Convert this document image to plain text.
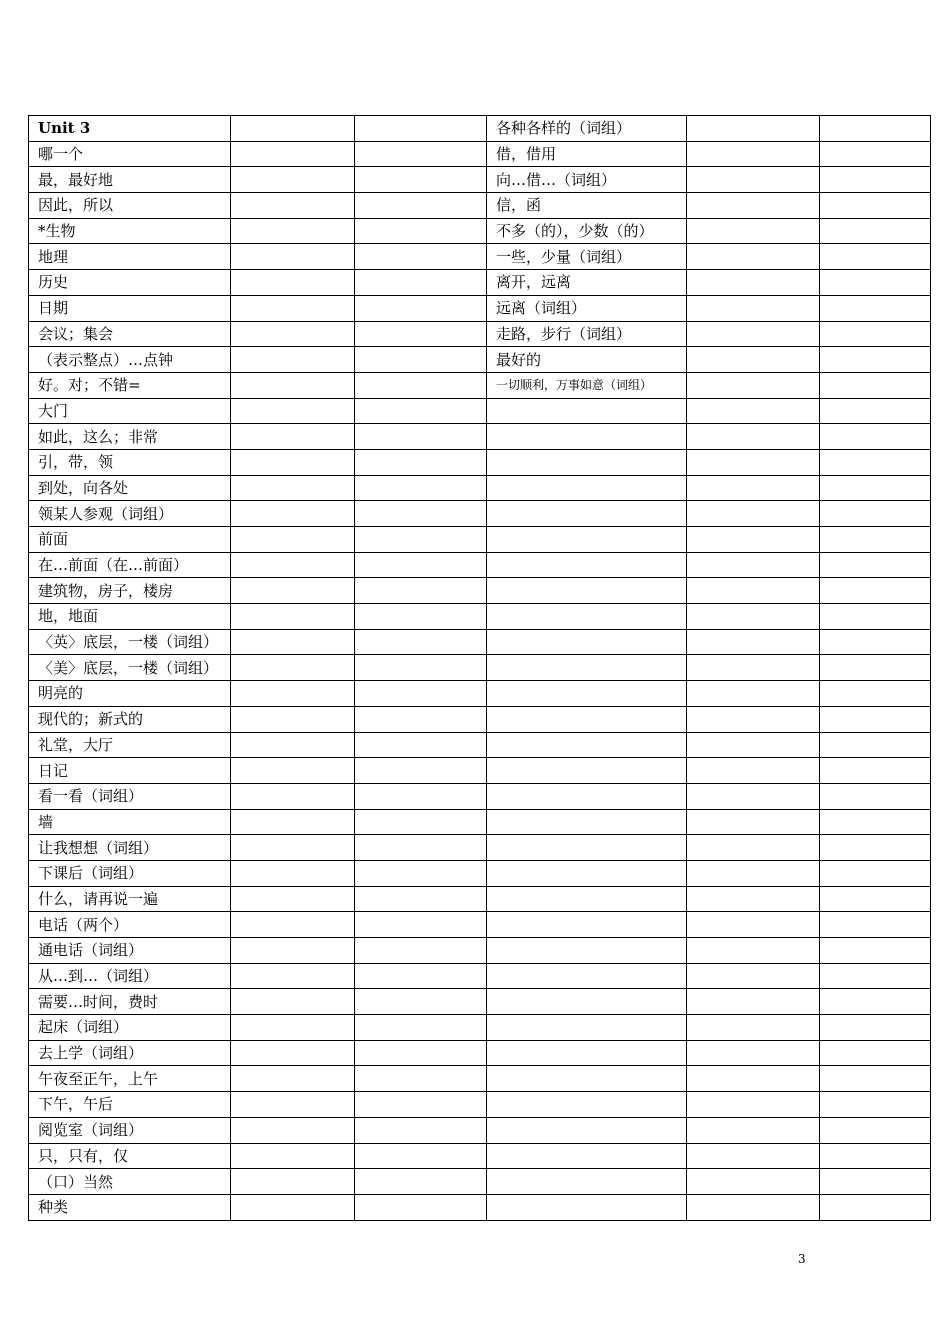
Unit 3			各种各样的（词组）		
哪一个			借，借用		
最，最好地			向…借…（词组）		
因此，所以			信，函		
*生物			不多（的），少数（的）		
地理			一些，少量（词组）		
历史			离开，远离		
日期			远离（词组）		
会议；集会			走路，步行（词组）		
（表示整点）…点钟			最好的		
好。对；不错=			一切顺利，万事如意（词组）		
大门					
如此，这么；非常					
引，带，领					
到处，向各处					
领某人参观（词组）					
前面					
在…前面（在…前面）					
建筑物，房子，楼房					
地，地面					
〈英〉底层，一楼（词组）					
〈美〉底层，一楼（词组）					
明亮的					
现代的；新式的					
礼堂，大厅					
日记					
看一看（词组）					
墙					
让我想想（词组）					
下课后（词组）					
什么，请再说一遍					
电话（两个）					
通电话（词组）					
从…到…（词组）					
需要…时间，费时					
起床（词组）					
去上学（词组）					
午夜至正午，上午					
下午，午后					
阅览室（词组）					
只，只有，仅					
（口）当然					
种类					
3
